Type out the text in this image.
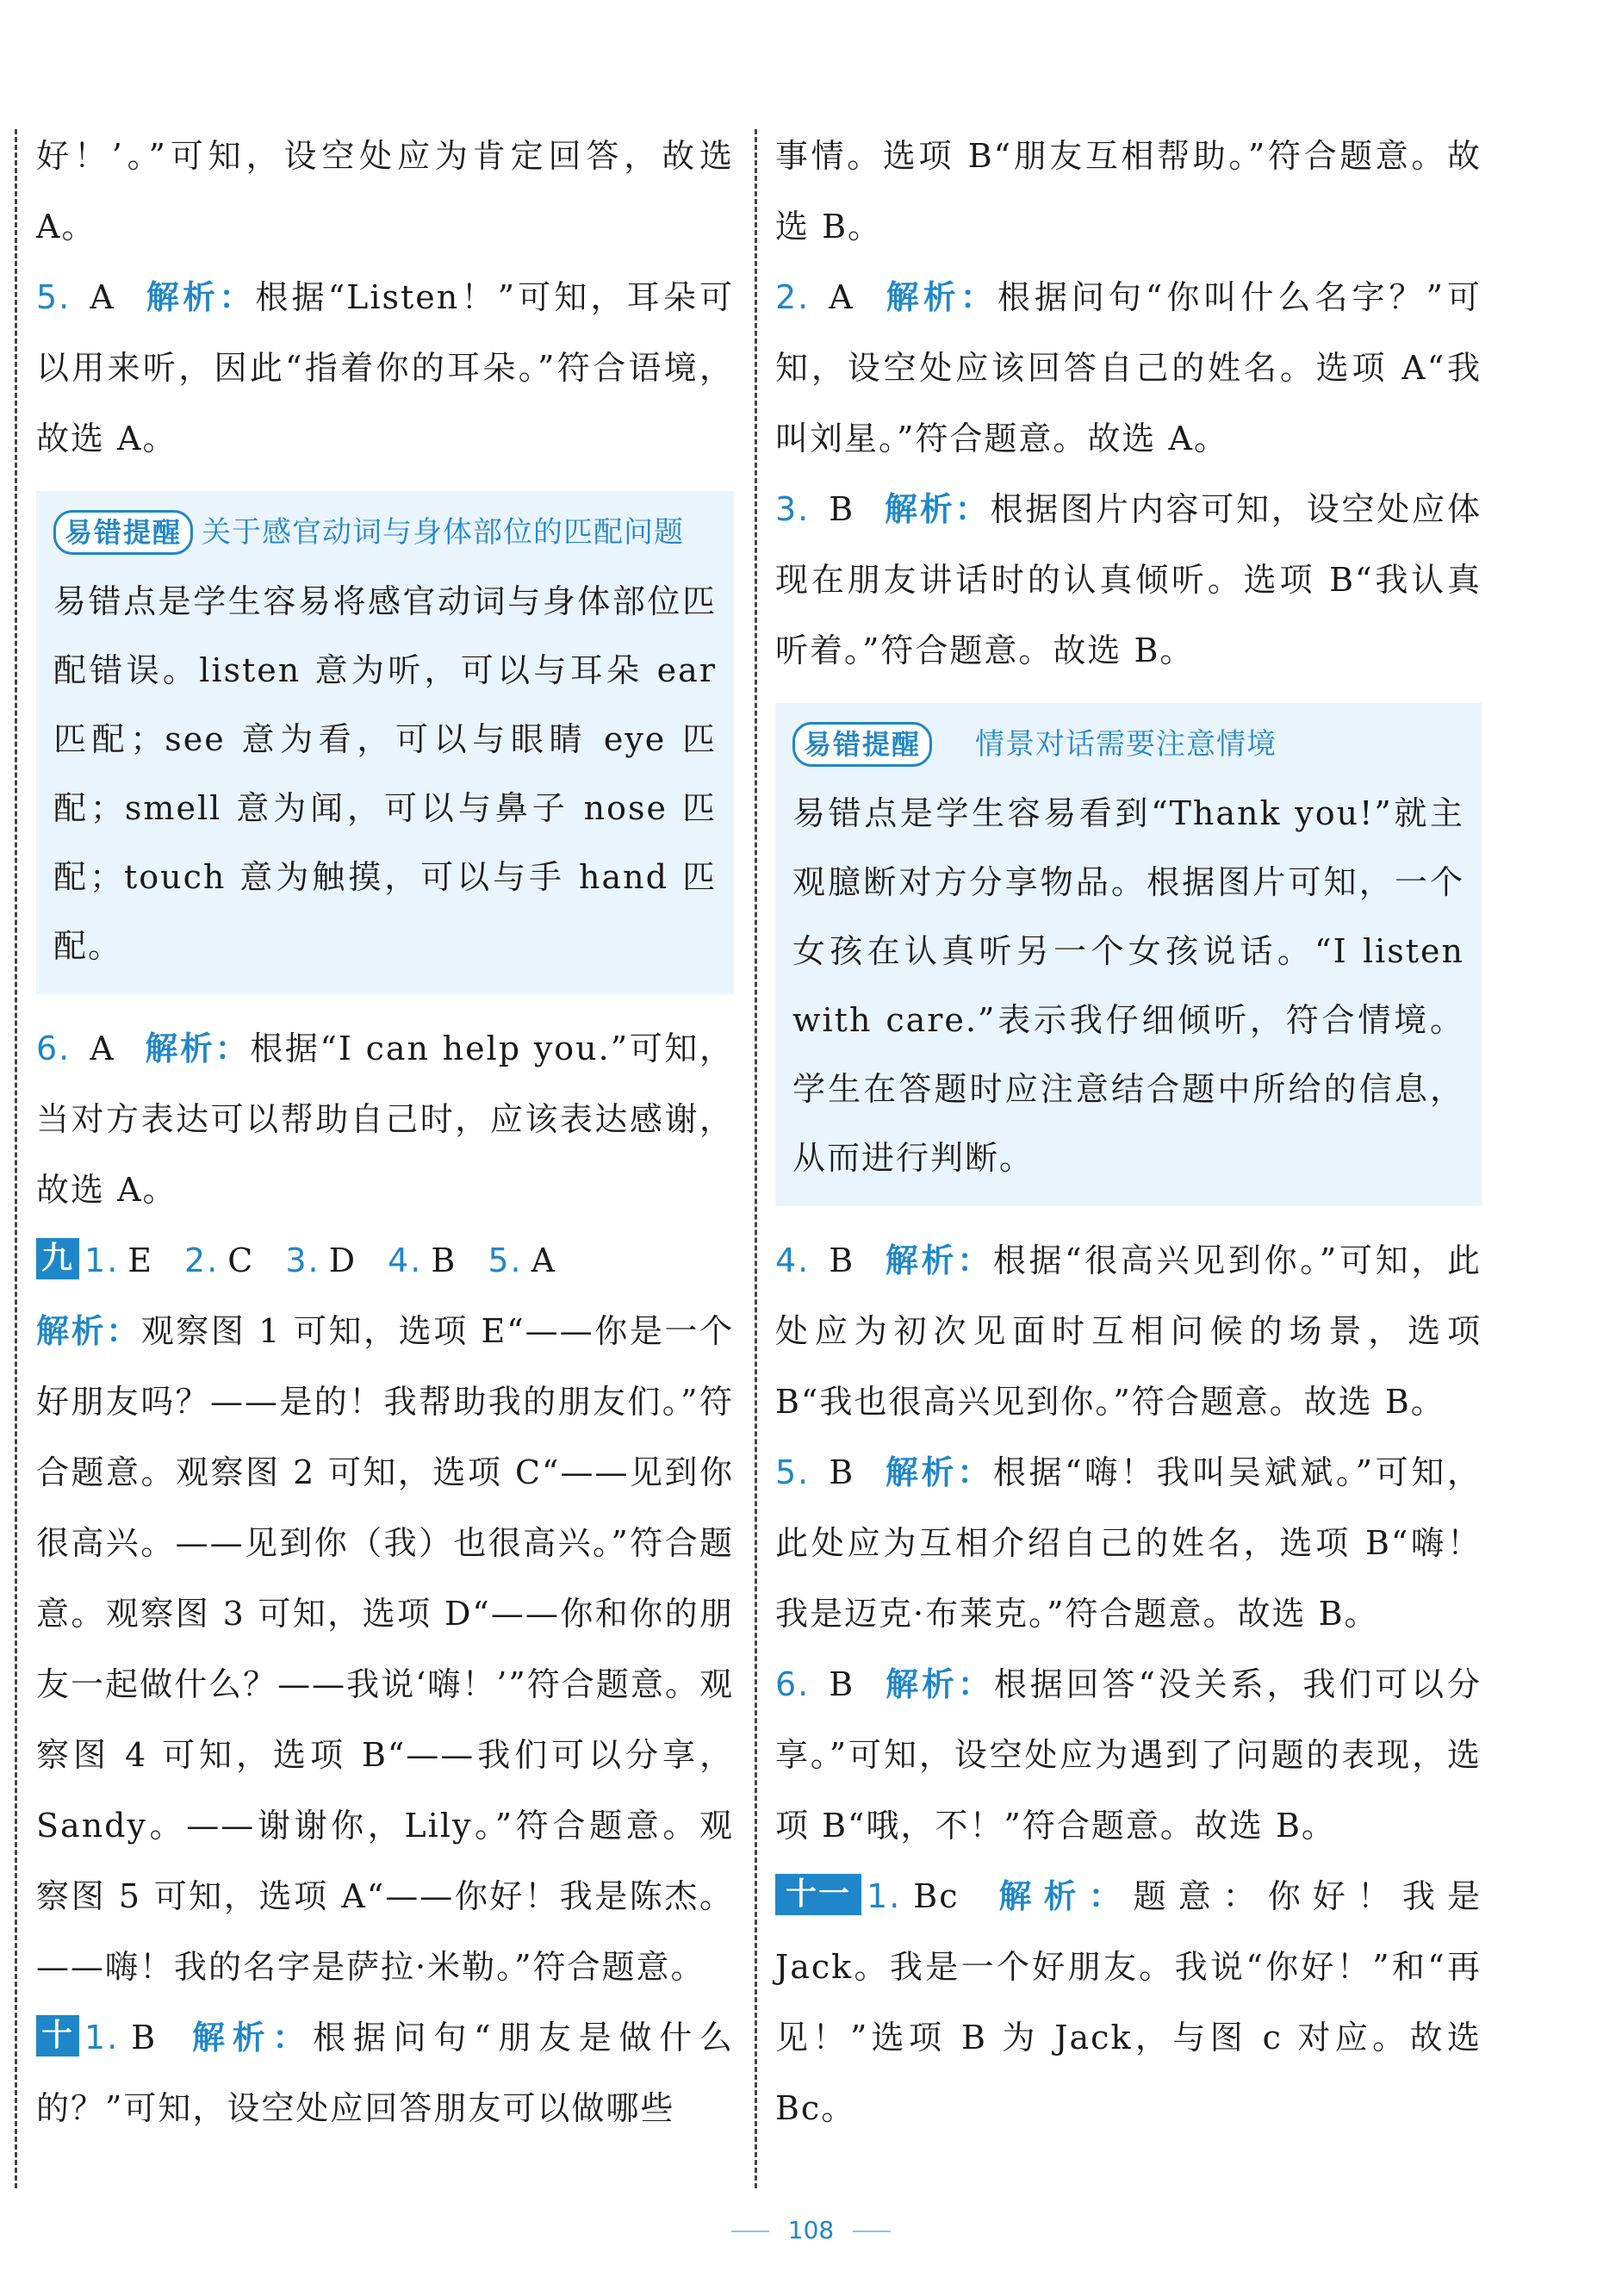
好！’。”可知，设空处应为肯定回答，故选 A。

5. A 解析：根据“Listen！”可知，耳朵可以用来听，因此“指着你的耳朵。”符合语境，故选 A。

易错提醒 关于感官动词与身体部位的匹配问题

易错点是学生容易将感官动词与身体部位匹配错误。listen 意为听，可以与耳朵 ear 匹配；see 意为看，可以与眼睛 eye 匹配；smell 意为闻，可以与鼻子 nose 匹配；touch 意为触摸，可以与手 hand 匹配。

6. A 解析：根据“I can help you.”可知，当对方表达可以帮助自己时，应该表达感谢，故选 A。

九 1. E 2. C 3. D 4. B 5. A

解析：观察图 1 可知，选项 E“——你是一个好朋友吗？——是的！我帮助我的朋友们。”符合题意。观察图 2 可知，选项 C“——见到你很高兴。——见到你（我）也很高兴。”符合题意。观察图 3 可知，选项 D“——你和你的朋友一起做什么？——我说‘嗨！’”符合题意。观察图 4 可知，选项 B“——我们可以分享，Sandy。——谢谢你，Lily。”符合题意。观察图 5 可知，选项 A“——你好！我是陈杰。——嗨！我的名字是萨拉·米勒。”符合题意。

十 1. B 解析：根据问句“朋友是做什么的？”可知，设空处应回答朋友可以做哪些

事情。选项 B“朋友互相帮助。”符合题意。故选 B。

2. A 解析：根据问句“你叫什么名字？”可知，设空处应该回答自己的姓名。选项 A“我叫刘星。”符合题意。故选 A。

3. B 解析：根据图片内容可知，设空处应体现在朋友讲话时的认真倾听。选项 B“我认真听着。”符合题意。故选 B。

易错提醒	情景对话需要注意情境

易错点是学生容易看到“Thank you!”就主观臆断对方分享物品。根据图片可知，一个女孩在认真听另一个女孩说话。“I listen with care.”表示我仔细倾听，符合情境。学生在答题时应注意结合题中所给的信息，从而进行判断。

4. B 解析：根据“很高兴见到你。”可知，此处应为初次见面时互相问候的场景，选项 B“我也很高兴见到你。”符合题意。故选 B。

5. B 解析：根据“嗨！我叫吴斌斌。”可知，此处应为互相介绍自己的姓名，选项 B“嗨！我是迈克·布莱克。”符合题意。故选 B。

6. B 解析：根据回答“没关系，我们可以分享。”可知，设空处应为遇到了问题的表现，选项 B“哦，不！”符合题意。故选 B。

十一 1. Bc 解析：题意：你好！我是 Jack。我是一个好朋友。我说“你好！”和“再见！”选项 B 为 Jack，与图 c 对应。故选 Bc。

108
